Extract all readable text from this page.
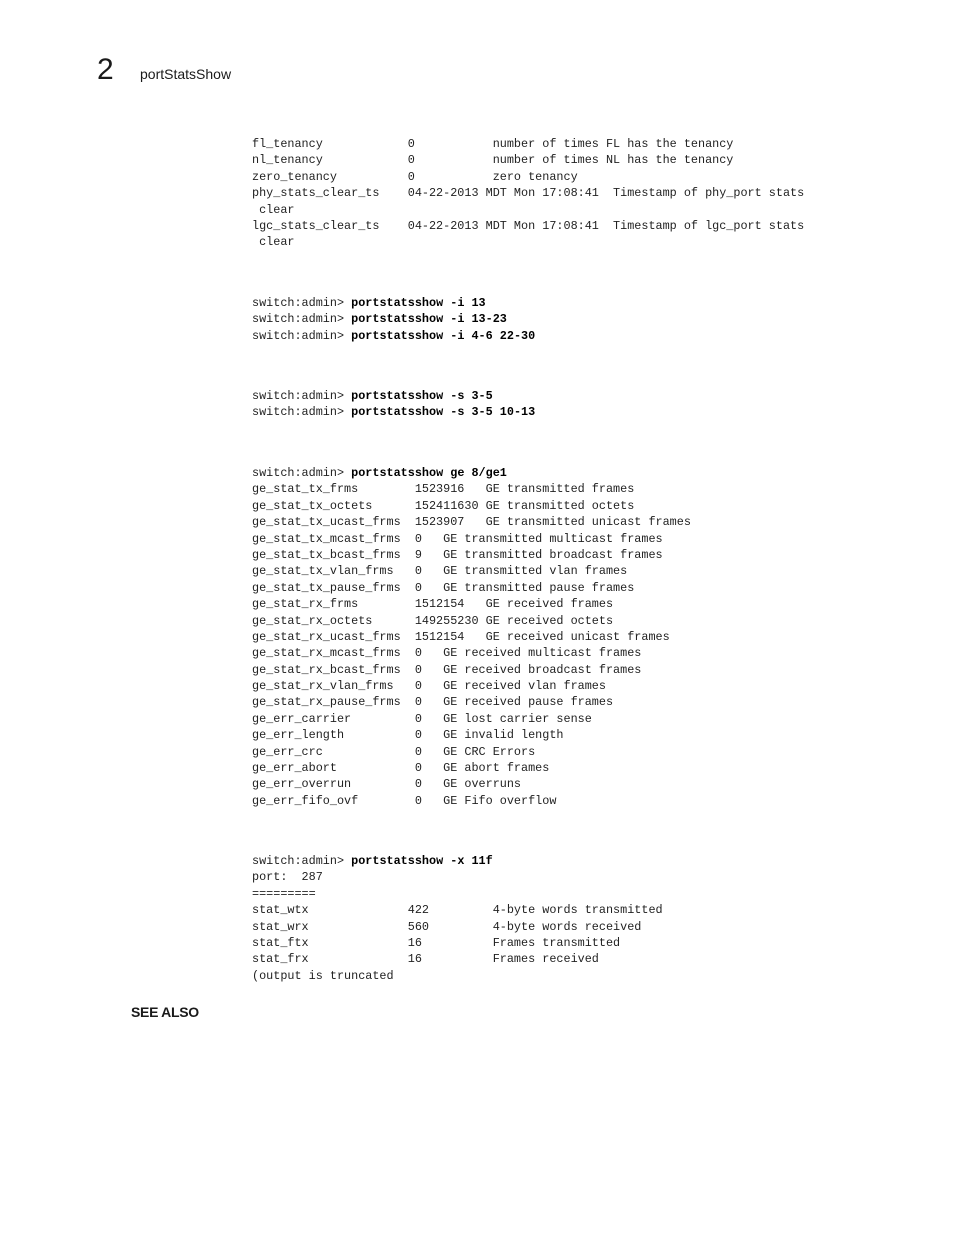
2 portStatsShow
fl_tenancy            0           number of times FL has the tenancy
nl_tenancy            0           number of times NL has the tenancy
zero_tenancy          0           zero tenancy
phy_stats_clear_ts    04-22-2013 MDT Mon 17:08:41  Timestamp of phy_port stats
clear
lgc_stats_clear_ts    04-22-2013 MDT Mon 17:08:41  Timestamp of lgc_port stats
clear
switch:admin> portstatsshow -i 13
switch:admin> portstatsshow -i 13-23
switch:admin> portstatsshow -i 4-6 22-30
switch:admin> portstatsshow -s 3-5
switch:admin> portstatsshow -s 3-5 10-13
switch:admin> portstatsshow ge 8/ge1
ge_stat_tx_frms        1523916   GE transmitted frames
ge_stat_tx_octets      152411630 GE transmitted octets
ge_stat_tx_ucast_frms  1523907   GE transmitted unicast frames
ge_stat_tx_mcast_frms  0   GE transmitted multicast frames
ge_stat_tx_bcast_frms  9   GE transmitted broadcast frames
ge_stat_tx_vlan_frms   0   GE transmitted vlan frames
ge_stat_tx_pause_frms  0   GE transmitted pause frames
ge_stat_rx_frms        1512154   GE received frames
ge_stat_rx_octets      149255230 GE received octets
ge_stat_rx_ucast_frms  1512154   GE received unicast frames
ge_stat_rx_mcast_frms  0   GE received multicast frames
ge_stat_rx_bcast_frms  0   GE received broadcast frames
ge_stat_rx_vlan_frms   0   GE received vlan frames
ge_stat_rx_pause_frms  0   GE received pause frames
ge_err_carrier         0   GE lost carrier sense
ge_err_length          0   GE invalid length
ge_err_crc             0   GE CRC Errors
ge_err_abort           0   GE abort frames
ge_err_overrun         0   GE overruns
ge_err_fifo_ovf        0   GE Fifo overflow
switch:admin> portstatsshow -x 11f
port:  287
=========
stat_wtx              422         4-byte words transmitted
stat_wrx              560         4-byte words received
stat_ftx              16          Frames transmitted
stat_frx              16          Frames received
(output is truncated
SEE ALSO
